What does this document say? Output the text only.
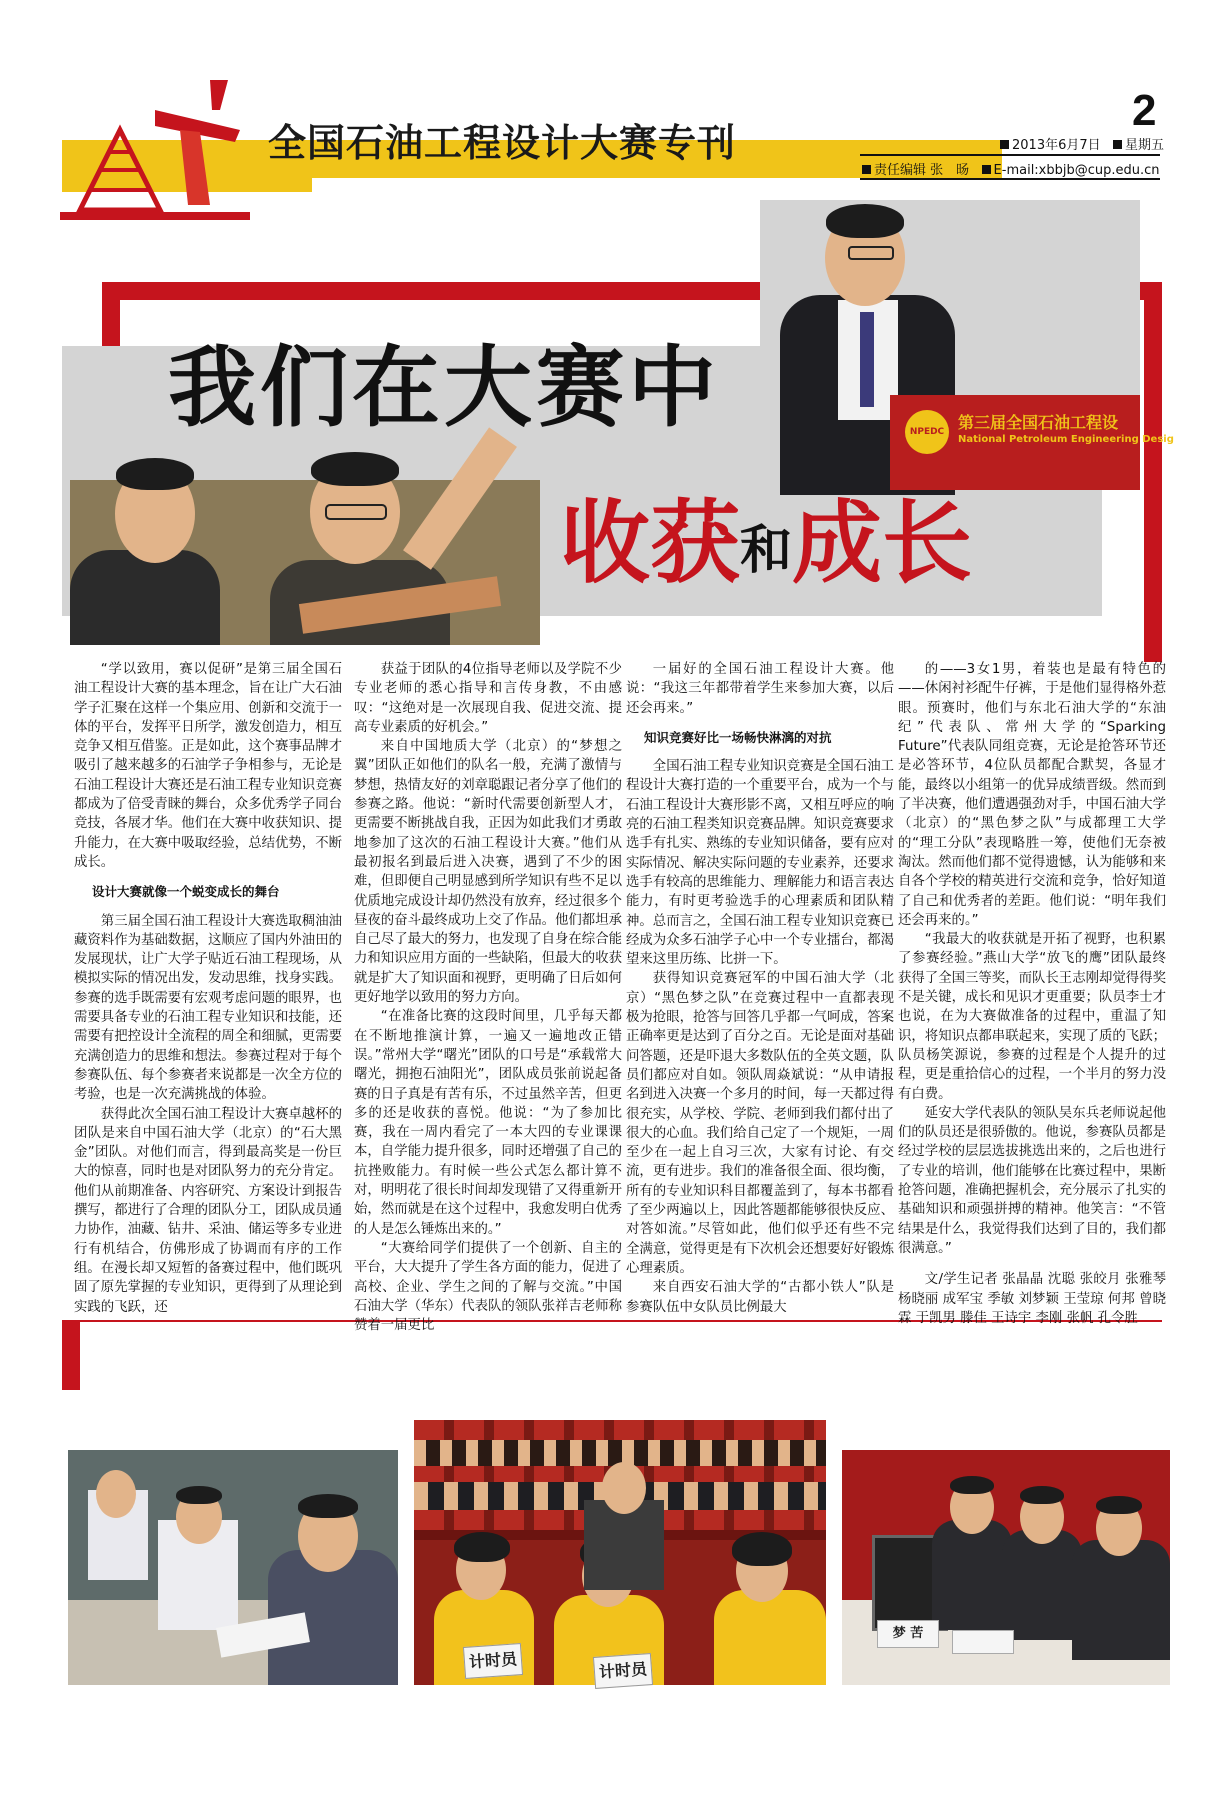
全国石油工程设计大赛专刊
2
2013年6月7日 星期五
责任编辑 张　旸 E-mail:xbbjb@cup.edu.cn
NPEDC 第三届全国石油工程设
National Petroleum Engineering Desig
我们在大赛中
收获和成长

“学以致用，赛以促研”是第三届全国石油工程设计大赛的基本理念，旨在让广大石油学子汇聚在这样一个集应用、创新和交流于一体的平台，发挥平日所学，激发创造力，相互竞争又相互借鉴。正是如此，这个赛事品牌才吸引了越来越多的石油学子争相参与，无论是石油工程设计大赛还是石油工程专业知识竞赛都成为了倍受青睐的舞台，众多优秀学子同台竞技，各展才华。他们在大赛中收获知识、提升能力，在大赛中吸取经验，总结优势，不断成长。

设计大赛就像一个蜕变成长的舞台

第三届全国石油工程设计大赛选取稠油油藏资料作为基础数据，这顺应了国内外油田的发展现状，让广大学子贴近石油工程现场，从模拟实际的情况出发，发动思维，找身实践。参赛的选手既需要有宏观考虑问题的眼界，也需要具备专业的石油工程专业知识和技能，还需要有把控设计全流程的周全和细腻，更需要充满创造力的思维和想法。参赛过程对于每个参赛队伍、每个参赛者来说都是一次全方位的考验，也是一次充满挑战的体验。

获得此次全国石油工程设计大赛卓越杯的团队是来自中国石油大学（北京）的“石大黑金”团队。对他们而言，得到最高奖是一份巨大的惊喜，同时也是对团队努力的充分肯定。他们从前期准备、内容研究、方案设计到报告撰写，都进行了合理的团队分工，团队成员通力协作，油藏、钻井、采油、储运等多专业进行有机结合，仿佛形成了协调而有序的工作组。在漫长却又短暂的备赛过程中，他们既巩固了原先掌握的专业知识，更得到了从理论到实践的飞跃，还

获益于团队的4位指导老师以及学院不少专业老师的悉心指导和言传身教，不由感叹：“这绝对是一次展现自我、促进交流、提高专业素质的好机会。”

来自中国地质大学（北京）的“梦想之翼”团队正如他们的队名一般，充满了激情与梦想，热情友好的刘章聪跟记者分享了他们的参赛之路。他说：“新时代需要创新型人才，更需要不断挑战自我，正因为如此我们才勇敢地参加了这次的石油工程设计大赛。”他们从最初报名到最后进入决赛，遇到了不少的困难，但即便自己明显感到所学知识有些不足以优质地完成设计却仍然没有放弃，经过很多个昼夜的奋斗最终成功上交了作品。他们都坦承自己尽了最大的努力，也发现了自身在综合能力和知识应用方面的一些缺陷，但最大的收获就是扩大了知识面和视野，更明确了日后如何更好地学以致用的努力方向。

“在准备比赛的这段时间里，几乎每天都在不断地推演计算，一遍又一遍地改正错误。”常州大学“曙光”团队的口号是“承载常大曙光，拥抱石油阳光”，团队成员张前说起备赛的日子真是有苦有乐，不过虽然辛苦，但更多的还是收获的喜悦。他说：“为了参加比赛，我在一周内看完了一本大四的专业课课本，自学能力提升很多，同时还增强了自己的抗挫败能力。有时候一些公式怎么都计算不对，明明花了很长时间却发现错了又得重新开始，然而就是在这个过程中，我愈发明白优秀的人是怎么锤炼出来的。”

“大赛给同学们提供了一个创新、自主的平台，大大提升了学生各方面的能力，促进了高校、企业、学生之间的了解与交流。”中国石油大学（华东）代表队的领队张祥吉老师称赞着一届更比

一届好的全国石油工程设计大赛。他说：“我这三年都带着学生来参加大赛，以后还会再来。”

知识竞赛好比一场畅快淋漓的对抗

全国石油工程专业知识竞赛是全国石油工程设计大赛打造的一个重要平台，成为一个与石油工程设计大赛形影不离，又相互呼应的响亮的石油工程类知识竞赛品牌。知识竞赛要求选手有扎实、熟练的专业知识储备，要有应对实际情况、解决实际问题的专业素养，还要求选手有较高的思维能力、理解能力和语言表达能力，有时更考验选手的心理素质和团队精神。总而言之，全国石油工程专业知识竞赛已经成为众多石油学子心中一个专业擂台，都渴望来这里历练、比拼一下。

获得知识竞赛冠军的中国石油大学（北京）“黑色梦之队”在竞赛过程中一直都表现极为抢眼，抢答与回答几乎都一气呵成，答案正确率更是达到了百分之百。无论是面对基础问答题，还是吓退大多数队伍的全英文题，队员们都应对自如。领队周焱斌说：“从申请报名到进入决赛一个多月的时间，每一天都过得很充实，从学校、学院、老师到我们都付出了很大的心血。我们给自己定了一个规矩，一周至少在一起上自习三次，大家有讨论、有交流，更有进步。我们的准备很全面、很均衡，所有的专业知识科目都覆盖到了，每本书都看了至少两遍以上，因此答题都能够很快反应、对答如流。”尽管如此，他们似乎还有些不完全满意，觉得更是有下次机会还想要好好锻炼心理素质。

来自西安石油大学的“古都小铁人”队是参赛队伍中女队员比例最大

的——3女1男，着装也是最有特色的——休闲衬衫配牛仔裤，于是他们显得格外惹眼。预赛时，他们与东北石油大学的“东油纪”代表队、常州大学的“Sparking Future”代表队同组竞赛，无论是抢答环节还是必答环节，4位队员都配合默契，各显才能，最终以小组第一的优异成绩晋级。然而到了半决赛，他们遭遇强劲对手，中国石油大学（北京）的“黑色梦之队”与成都理工大学的“理工分队”表现略胜一筹，使他们无奈被淘汰。然而他们都不觉得遗憾，认为能够和来自各个学校的精英进行交流和竞争，恰好知道了自己和优秀者的差距。他们说：“明年我们还会再来的。”

“我最大的收获就是开拓了视野，也积累了参赛经验。”燕山大学“放飞的鹰”团队最终获得了全国三等奖，而队长王志刚却觉得得奖不是关键，成长和见识才更重要；队员李士才也说，在为大赛做准备的过程中，重温了知识，将知识点都串联起来，实现了质的飞跃；队员杨笑源说，参赛的过程是个人提升的过程，更是重拾信心的过程，一个半月的努力没有白费。

延安大学代表队的领队吴东兵老师说起他们的队员还是很骄傲的。他说，参赛队员都是经过学校的层层选拔挑选出来的，之后也进行了专业的培训，他们能够在比赛过程中，果断抢答问题，准确把握机会，充分展示了扎实的基础知识和顽强拼搏的精神。他笑言：“不管结果是什么，我觉得我们达到了目的，我们都很满意。”

文/学生记者 张晶晶 沈聪 张皎月 张雅琴 杨晓丽 成军宝 季敏 刘梦颖 王莹琼 何邦 曾晓霖 于凯男 滕佳 王诗宇 李刚 张帆 孔令胜

计时员	计时员
梦 苦
